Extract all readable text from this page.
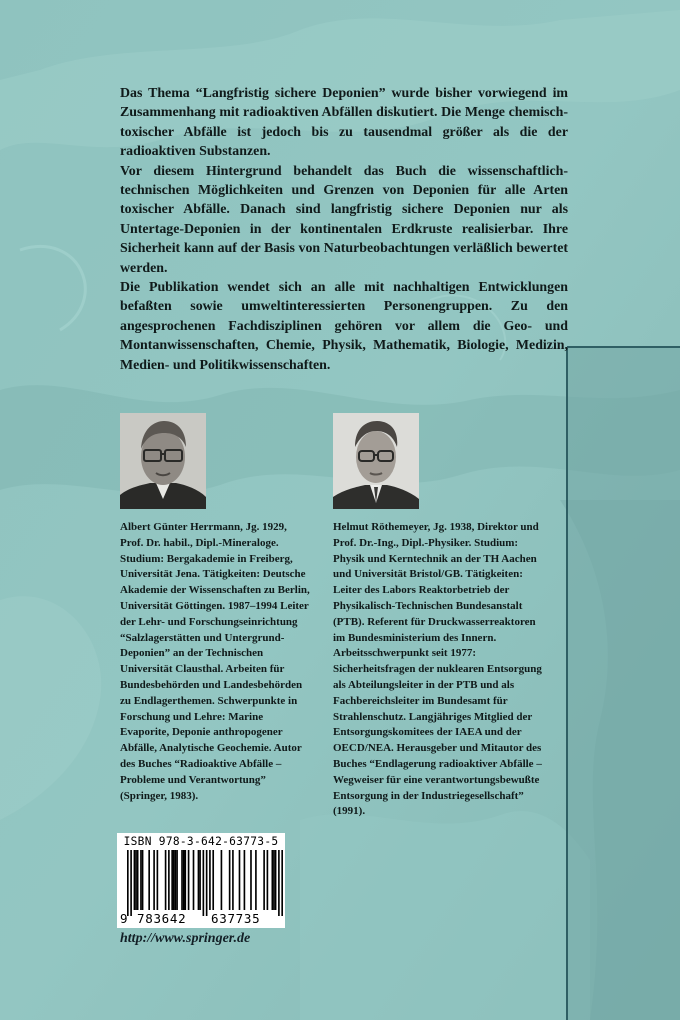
Das Thema “Langfristig sichere Deponien” wurde bisher vorwiegend im Zusammenhang mit radioaktiven Abfällen diskutiert. Die Menge chemisch-toxischer Abfälle ist jedoch bis zu tausendmal größer als die der radioaktiven Substanzen.

Vor diesem Hintergrund behandelt das Buch die wissenschaftlich-technischen Möglichkeiten und Grenzen von Deponien für alle Arten toxischer Abfälle. Danach sind langfristig sichere Deponien nur als Untertage-Deponien in der kontinentalen Erdkruste realisierbar. Ihre Sicherheit kann auf der Basis von Naturbeobachtungen verläßlich bewertet werden.

Die Publikation wendet sich an alle mit nachhaltigen Entwicklungen befaßten sowie umweltinteressierten Personengruppen. Zu den angesprochenen Fachdisziplinen gehören vor allem die Geo- und Montanwissenschaften, Chemie, Physik, Mathematik, Biologie, Medizin, Medien- und Politikwissenschaften.

Albert Günter Herrmann, Jg. 1929, Prof. Dr. habil., Dipl.-Mineraloge. Studium: Bergakademie in Freiberg, Universität Jena. Tätigkeiten: Deutsche Akademie der Wissenschaften zu Berlin, Universität Göttingen. 1987–1994 Leiter der Lehr- und Forschungseinrichtung “Salzlagerstätten und Untergrund-Deponien” an der Technischen Universität Clausthal. Arbeiten für Bundesbehörden und Landesbehörden zu Endlagerthemen. Schwerpunkte in Forschung und Lehre: Marine Evaporite, Deponie anthropogener Abfälle, Analytische Geochemie. Autor des Buches “Radioaktive Abfälle – Probleme und Verantwortung” (Springer, 1983).

Helmut Röthemeyer, Jg. 1938, Direktor und Prof. Dr.-Ing., Dipl.-Physiker. Studium: Physik und Kerntechnik an der TH Aachen und Universität Bristol/GB. Tätigkeiten: Leiter des Labors Reaktorbetrieb der Physikalisch-Technischen Bundesanstalt (PTB). Referent für Druckwasserreaktoren im Bundesministerium des Innern. Arbeitsschwerpunkt seit 1977: Sicherheitsfragen der nuklearen Entsorgung als Abteilungsleiter in der PTB und als Fachbereichsleiter im Bundesamt für Strahlenschutz. Langjähriges Mitglied der Entsorgungskomitees der IAEA und der OECD/NEA. Herausgeber und Mitautor des Buches “Endlagerung radioaktiver Abfälle – Wegweiser für eine verantwortungsbewußte Entsorgung in der Industriegesellschaft” (1991).

ISBN 978-3-642-63773-5
9 783642 637735
http://www.springer.de
